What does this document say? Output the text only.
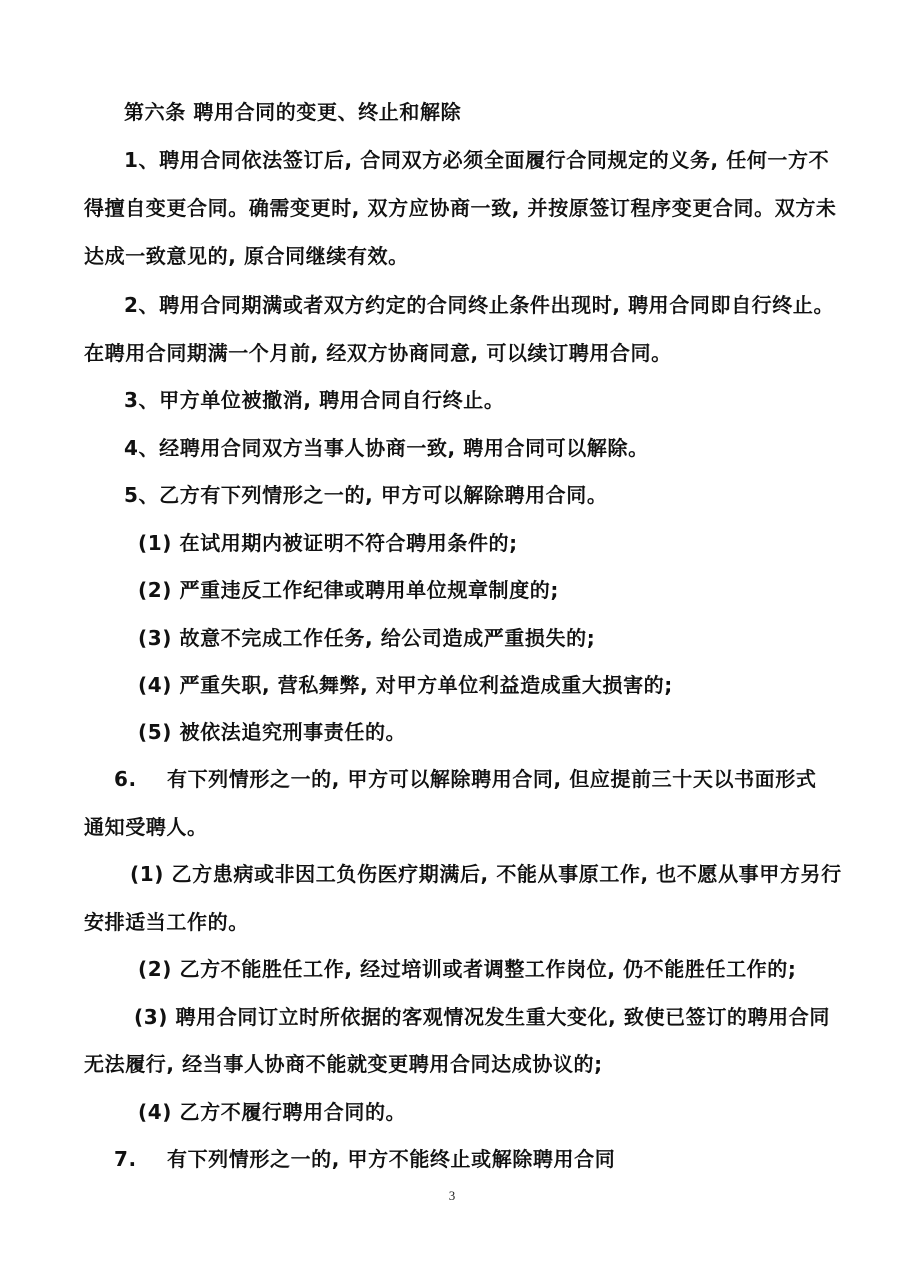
第六条 聘用合同的变更、终止和解除
1、聘用合同依法签订后, 合同双方必须全面履行合同规定的义务, 任何一方不
得擅自变更合同。确需变更时, 双方应协商一致, 并按原签订程序变更合同。双方未
达成一致意见的, 原合同继续有效。
2、聘用合同期满或者双方约定的合同终止条件出现时, 聘用合同即自行终止。
在聘用合同期满一个月前, 经双方协商同意, 可以续订聘用合同。
3、甲方单位被撤消, 聘用合同自行终止。
4、经聘用合同双方当事人协商一致, 聘用合同可以解除。
5、乙方有下列情形之一的, 甲方可以解除聘用合同。
(1) 在试用期内被证明不符合聘用条件的;
(2) 严重违反工作纪律或聘用单位规章制度的;
(3) 故意不完成工作任务, 给公司造成严重损失的;
(4) 严重失职, 营私舞弊, 对甲方单位利益造成重大损害的;
(5) 被依法追究刑事责任的。
6.    有下列情形之一的, 甲方可以解除聘用合同, 但应提前三十天以书面形式
通知受聘人。
(1) 乙方患病或非因工负伤医疗期满后, 不能从事原工作, 也不愿从事甲方另行
安排适当工作的。
(2) 乙方不能胜任工作, 经过培训或者调整工作岗位, 仍不能胜任工作的;
(3) 聘用合同订立时所依据的客观情况发生重大变化, 致使已签订的聘用合同
无法履行, 经当事人协商不能就变更聘用合同达成协议的;
(4) 乙方不履行聘用合同的。
7.    有下列情形之一的, 甲方不能终止或解除聘用合同
3
